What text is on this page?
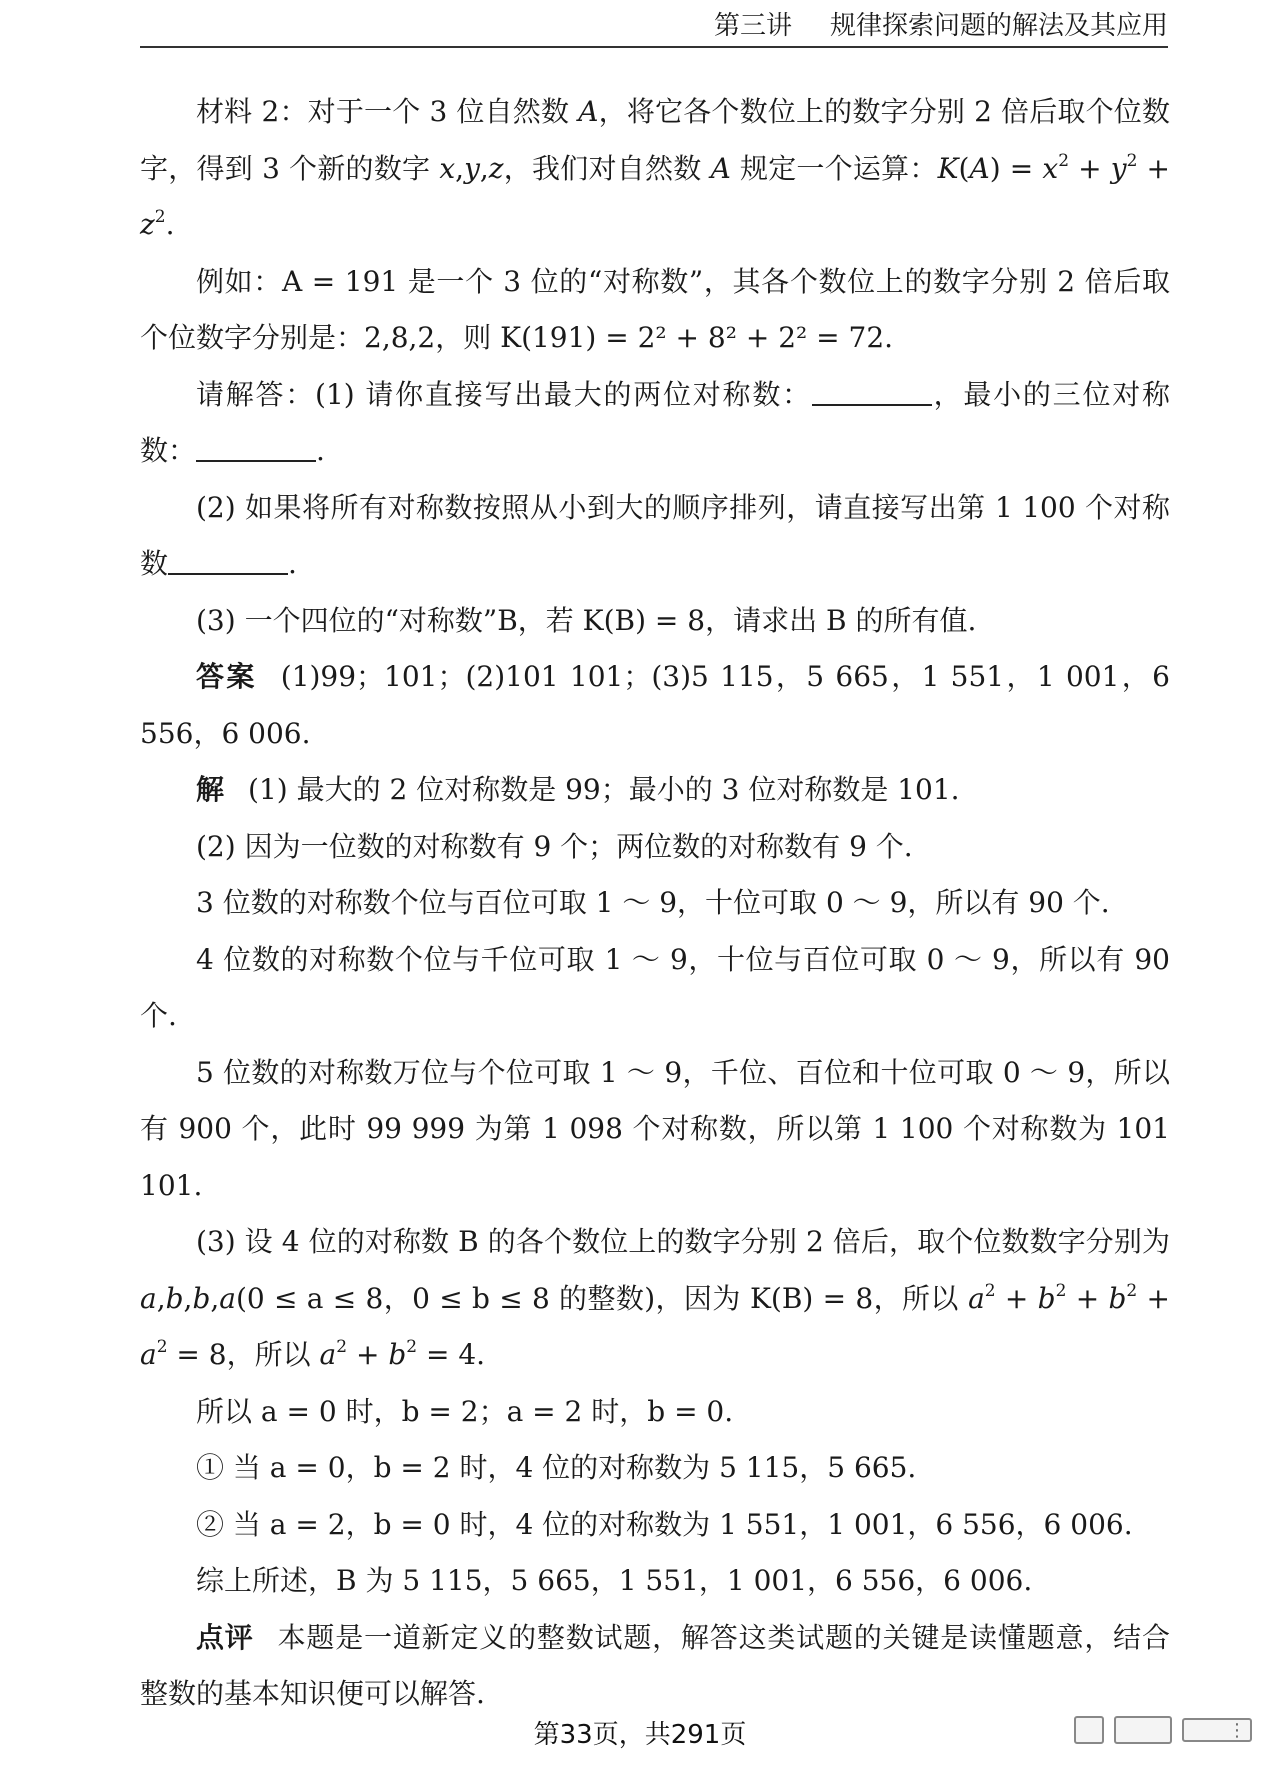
第三讲 规律探索问题的解法及其应用

材料 2：对于一个 3 位自然数 A，将它各个数位上的数字分别 2 倍后取个位数字，得到 3 个新的数字 x,y,z，我们对自然数 A 规定一个运算：$K(A) = x^2 + y^2 + z^2$.

例如：A = 191 是一个 3 位的“对称数”，其各个数位上的数字分别 2 倍后取个位数字分别是：2,8,2，则 K(191) = 2² + 8² + 2² = 72.

请解答：(1) 请你直接写出最大的两位对称数：	，最小的三位对称数：	.

(2) 如果将所有对称数按照从小到大的顺序排列，请直接写出第 1 100 个对称数	.

(3) 一个四位的“对称数”B，若 K(B) = 8，请求出 B 的所有值.

答案 (1)99；101；(2)101 101；(3)5 115，5 665，1 551，1 001，6 556，6 006.

解 (1) 最大的 2 位对称数是 99；最小的 3 位对称数是 101.

(2) 因为一位数的对称数有 9 个；两位数的对称数有 9 个.

3 位数的对称数个位与百位可取 1 ～ 9，十位可取 0 ～ 9，所以有 90 个.

4 位数的对称数个位与千位可取 1 ～ 9，十位与百位可取 0 ～ 9，所以有 90 个.

5 位数的对称数万位与个位可取 1 ～ 9，千位、百位和十位可取 0 ～ 9，所以有 900 个，此时 99 999 为第 1 098 个对称数，所以第 1 100 个对称数为 101 101.

(3) 设 4 位的对称数 B 的各个数位上的数字分别 2 倍后，取个位数数字分别为 a,b,b,a(0 ≤ a ≤ 8，0 ≤ b ≤ 8 的整数)，因为 K(B) = 8，所以 $a^2 + b^2 + b^2 + a^2 = 8$，所以 $a^2 + b^2 = 4$.

所以 a = 0 时，b = 2；a = 2 时，b = 0.

① 当 a = 0，b = 2 时，4 位的对称数为 5 115，5 665.

② 当 a = 2，b = 0 时，4 位的对称数为 1 551，1 001，6 556，6 006.

综上所述，B 为 5 115，5 665，1 551，1 001，6 556，6 006.

点评 本题是一道新定义的整数试题，解答这类试题的关键是读懂题意，结合整数的基本知识便可以解答.

第33页，共291页	⋮
